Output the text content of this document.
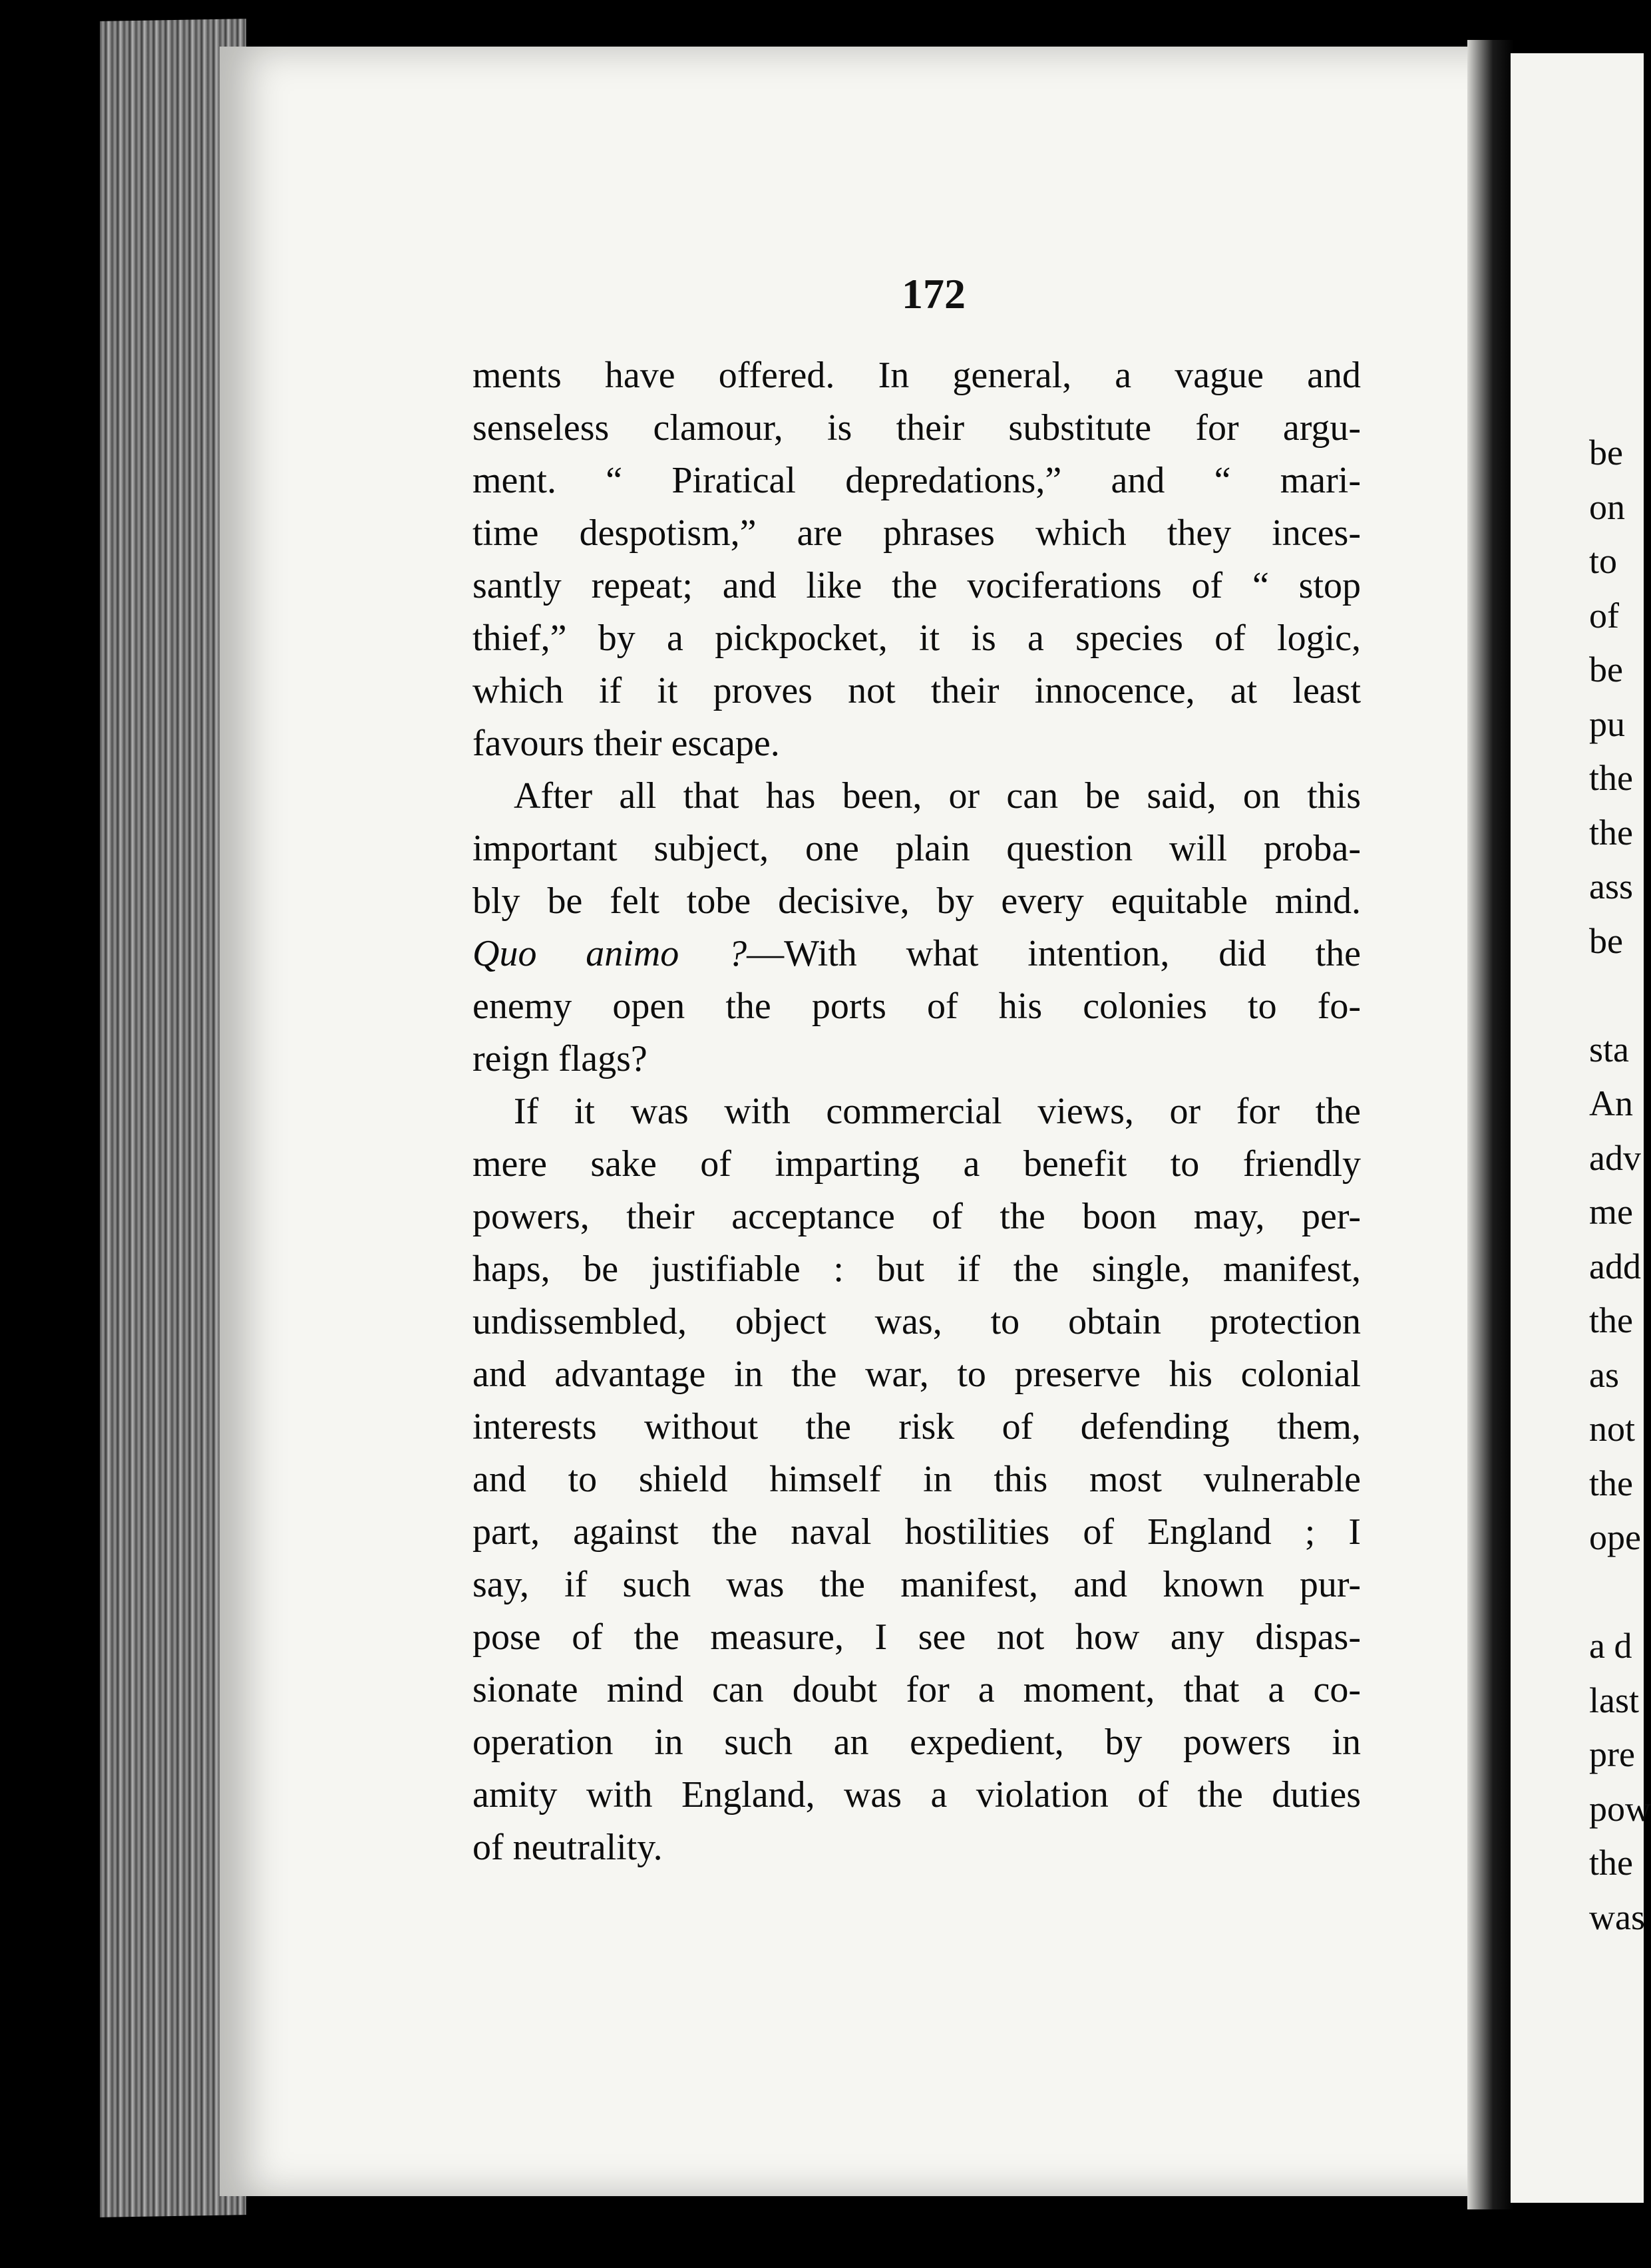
172

ments have offered. In general, a vague and
senseless clamour, is their substitute for argu-
ment. “ Piratical depredations,” and “ mari-
time despotism,” are phrases which they inces-
santly repeat; and like the vociferations of “ stop
thief,” by a pickpocket, it is a species of logic,
which if it proves not their innocence, at least
favours their escape.

After all that has been, or can be said, on this
important subject, one plain question will proba-
bly be felt tobe decisive, by every equitable mind.
Quo animo ?—With what intention, did the
enemy open the ports of his colonies to fo-
reign flags?

If it was with commercial views, or for the
mere sake of imparting a benefit to friendly
powers, their acceptance of the boon may, per-
haps, be justifiable : but if the single, manifest,
undissembled, object was, to obtain protection
and advantage in the war, to preserve his colonial
interests without the risk of defending them,
and to shield himself in this most vulnerable
part, against the naval hostilities of England ; I
say, if such was the manifest, and known pur-
pose of the measure, I see not how any dispas-
sionate mind can doubt for a moment, that a co-
operation in such an expedient, by powers in
amity with England, was a violation of the duties
of neutrality.

be
on
to
of
be
pu
the
the
ass
be

sta
An
adv
me
add
the
as
not
the
ope

a d
last
pre
pow
the
was
